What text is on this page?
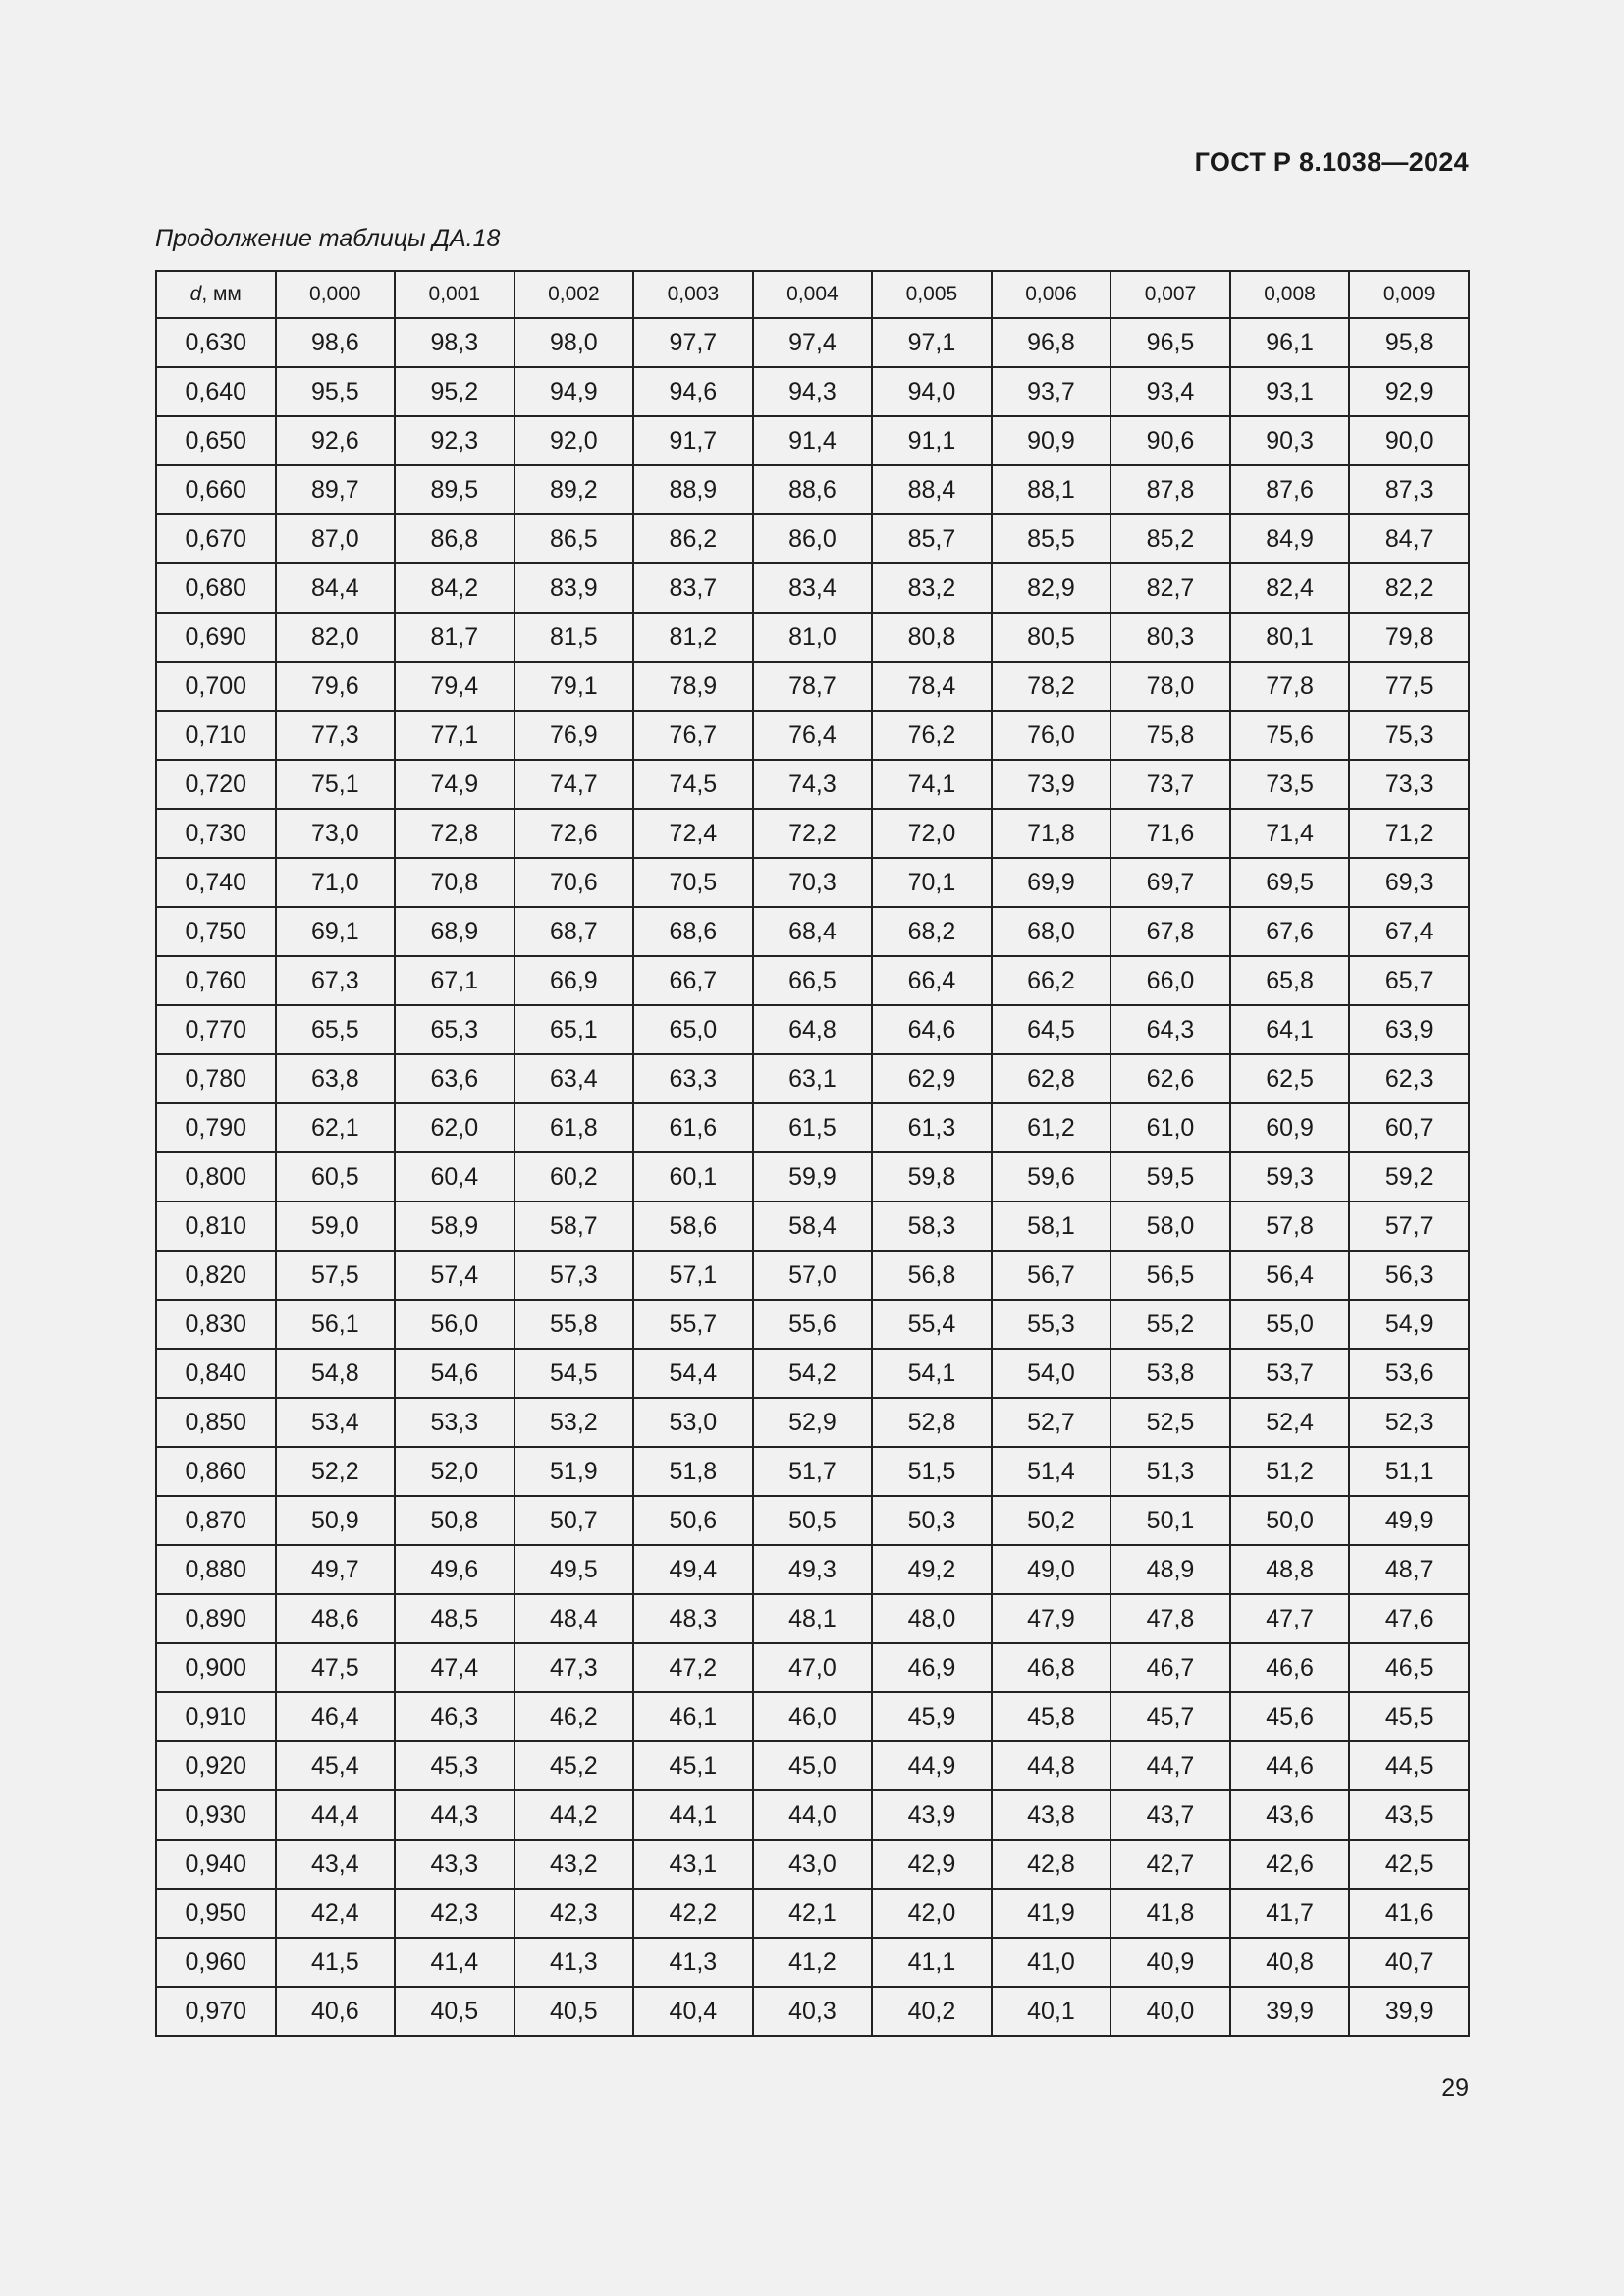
ГОСТ Р 8.1038—2024
Продолжение таблицы ДА.18
d, мм	0,000	0,001	0,002	0,003	0,004	0,005	0,006	0,007	0,008	0,009
0,630	98,6	98,3	98,0	97,7	97,4	97,1	96,8	96,5	96,1	95,8
0,640	95,5	95,2	94,9	94,6	94,3	94,0	93,7	93,4	93,1	92,9
0,650	92,6	92,3	92,0	91,7	91,4	91,1	90,9	90,6	90,3	90,0
0,660	89,7	89,5	89,2	88,9	88,6	88,4	88,1	87,8	87,6	87,3
0,670	87,0	86,8	86,5	86,2	86,0	85,7	85,5	85,2	84,9	84,7
0,680	84,4	84,2	83,9	83,7	83,4	83,2	82,9	82,7	82,4	82,2
0,690	82,0	81,7	81,5	81,2	81,0	80,8	80,5	80,3	80,1	79,8
0,700	79,6	79,4	79,1	78,9	78,7	78,4	78,2	78,0	77,8	77,5
0,710	77,3	77,1	76,9	76,7	76,4	76,2	76,0	75,8	75,6	75,3
0,720	75,1	74,9	74,7	74,5	74,3	74,1	73,9	73,7	73,5	73,3
0,730	73,0	72,8	72,6	72,4	72,2	72,0	71,8	71,6	71,4	71,2
0,740	71,0	70,8	70,6	70,5	70,3	70,1	69,9	69,7	69,5	69,3
0,750	69,1	68,9	68,7	68,6	68,4	68,2	68,0	67,8	67,6	67,4
0,760	67,3	67,1	66,9	66,7	66,5	66,4	66,2	66,0	65,8	65,7
0,770	65,5	65,3	65,1	65,0	64,8	64,6	64,5	64,3	64,1	63,9
0,780	63,8	63,6	63,4	63,3	63,1	62,9	62,8	62,6	62,5	62,3
0,790	62,1	62,0	61,8	61,6	61,5	61,3	61,2	61,0	60,9	60,7
0,800	60,5	60,4	60,2	60,1	59,9	59,8	59,6	59,5	59,3	59,2
0,810	59,0	58,9	58,7	58,6	58,4	58,3	58,1	58,0	57,8	57,7
0,820	57,5	57,4	57,3	57,1	57,0	56,8	56,7	56,5	56,4	56,3
0,830	56,1	56,0	55,8	55,7	55,6	55,4	55,3	55,2	55,0	54,9
0,840	54,8	54,6	54,5	54,4	54,2	54,1	54,0	53,8	53,7	53,6
0,850	53,4	53,3	53,2	53,0	52,9	52,8	52,7	52,5	52,4	52,3
0,860	52,2	52,0	51,9	51,8	51,7	51,5	51,4	51,3	51,2	51,1
0,870	50,9	50,8	50,7	50,6	50,5	50,3	50,2	50,1	50,0	49,9
0,880	49,7	49,6	49,5	49,4	49,3	49,2	49,0	48,9	48,8	48,7
0,890	48,6	48,5	48,4	48,3	48,1	48,0	47,9	47,8	47,7	47,6
0,900	47,5	47,4	47,3	47,2	47,0	46,9	46,8	46,7	46,6	46,5
0,910	46,4	46,3	46,2	46,1	46,0	45,9	45,8	45,7	45,6	45,5
0,920	45,4	45,3	45,2	45,1	45,0	44,9	44,8	44,7	44,6	44,5
0,930	44,4	44,3	44,2	44,1	44,0	43,9	43,8	43,7	43,6	43,5
0,940	43,4	43,3	43,2	43,1	43,0	42,9	42,8	42,7	42,6	42,5
0,950	42,4	42,3	42,3	42,2	42,1	42,0	41,9	41,8	41,7	41,6
0,960	41,5	41,4	41,3	41,3	41,2	41,1	41,0	40,9	40,8	40,7
0,970	40,6	40,5	40,5	40,4	40,3	40,2	40,1	40,0	39,9	39,9
29
